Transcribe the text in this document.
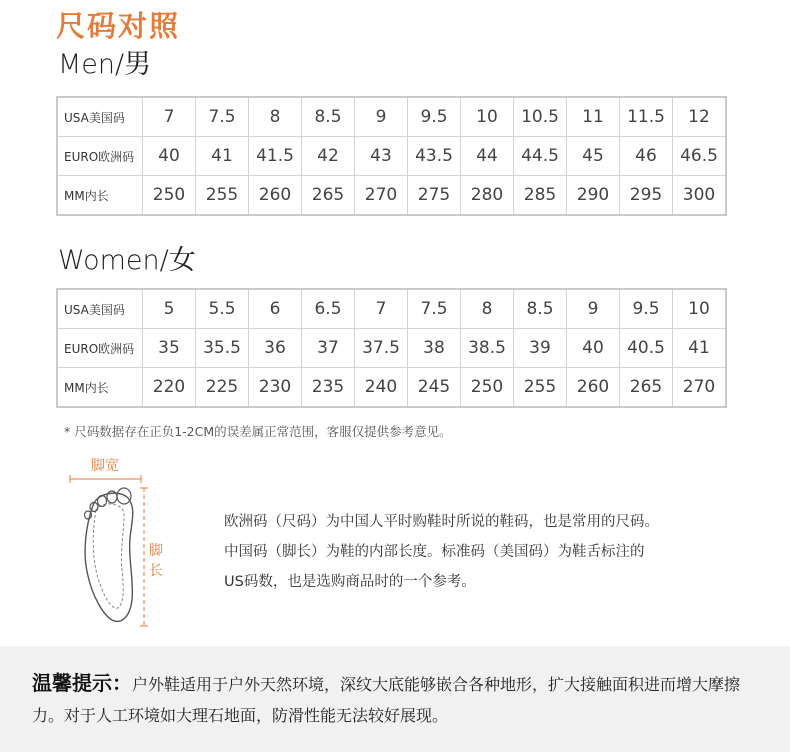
尺码对照
Men/男
USA美国码	7	7.5	8	8.5	9	9.5	10	10.5	11	11.5	12
EURO欧洲码	40	41	41.5	42	43	43.5	44	44.5	45	46	46.5
MM内长	250	255	260	265	270	275	280	285	290	295	300
Women/女
USA美国码	5	5.5	6	6.5	7	7.5	8	8.5	9	9.5	10
EURO欧洲码	35	35.5	36	37	37.5	38	38.5	39	40	40.5	41
MM内长	220	225	230	235	240	245	250	255	260	265	270
* 尺码数据存在正负1-2CM的误差属正常范围，客服仅提供参考意见。
脚宽
脚长
欧洲码（尺码）为中国人平时购鞋时所说的鞋码，也是常用的尺码。
中国码（脚长）为鞋的内部长度。标准码（美国码）为鞋舌标注的
US码数，也是选购商品时的一个参考。
温馨提示：户外鞋适用于户外天然环境，深纹大底能够嵌合各种地形，扩大接触面积进而增大摩擦力。对于人工环境如大理石地面，防滑性能无法较好展现。
